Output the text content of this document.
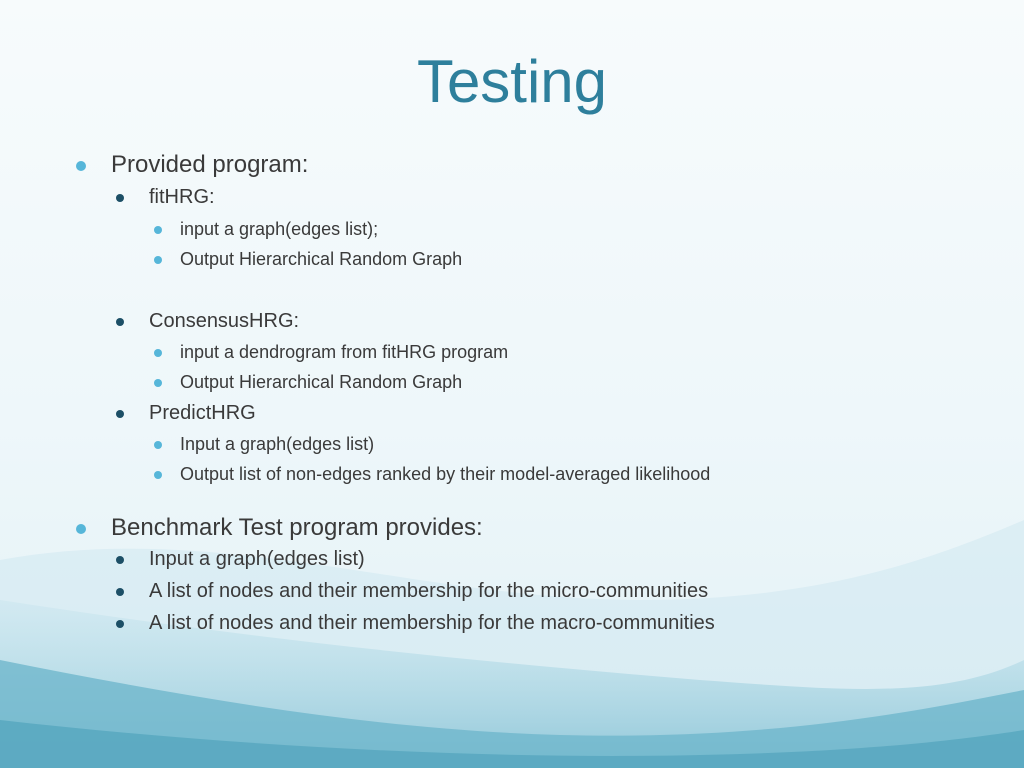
Testing
Provided program:
fitHRG:
input a graph(edges list);
Output Hierarchical Random Graph
ConsensusHRG:
input a dendrogram from fitHRG program
Output Hierarchical Random Graph
PredictHRG
Input a graph(edges list)
Output list of non-edges ranked by their model-averaged likelihood
Benchmark Test program provides:
Input a graph(edges list)
A list of nodes and their membership for the micro-communities
A list of nodes and their membership for the macro-communities
